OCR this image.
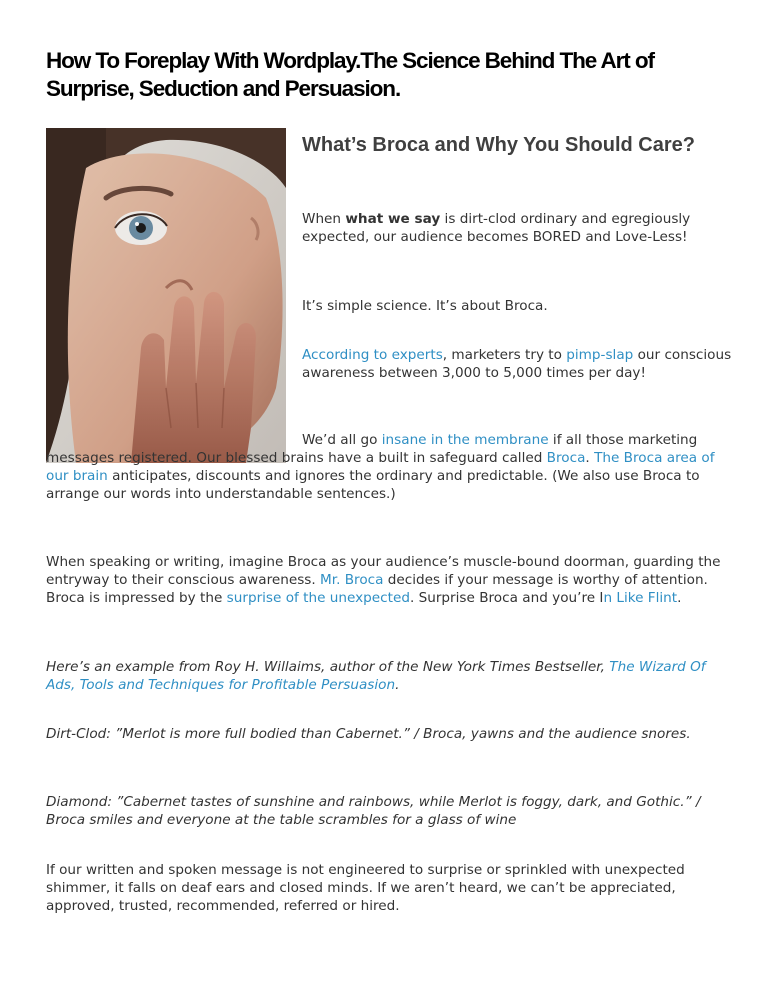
How To Foreplay With Wordplay.The Science Behind The Art of Surprise, Seduction and Persuasion.
What’s Broca and Why You Should Care?

When what we say is dirt-clod ordinary and egregiously expected, our audience becomes BORED and Love-Less!

It’s simple science. It’s about Broca.

According to experts, marketers try to pimp-slap our conscious awareness between 3,000 to 5,000 times per day!

We’d all go insane in the membrane if all those marketing messages registered. Our blessed brains have a built in safeguard called Broca. The Broca area of our brain anticipates, discounts and ignores the ordinary and predictable. (We also use Broca to arrange our words into understandable sentences.)

When speaking or writing, imagine Broca as your audience’s muscle-bound doorman, guarding the entryway to their conscious awareness. Mr. Broca decides if your message is worthy of attention. Broca is impressed by the surprise of the unexpected. Surprise Broca and you’re In Like Flint.

Here’s an example from Roy H. Willaims, author of the New York Times Bestseller, The Wizard Of Ads, Tools and Techniques for Profitable Persuasion.

Dirt-Clod: ”Merlot is more full bodied than Cabernet.” / Broca, yawns and the audience snores.

Diamond: ”Cabernet tastes of sunshine and rainbows, while Merlot is foggy, dark, and Gothic.” / Broca smiles and everyone at the table scrambles for a glass of wine

If our written and spoken message is not engineered to surprise or sprinkled with unexpected shimmer, it falls on deaf ears and closed minds. If we aren’t heard, we can’t be appreciated, approved, trusted, recommended, referred or hired.
